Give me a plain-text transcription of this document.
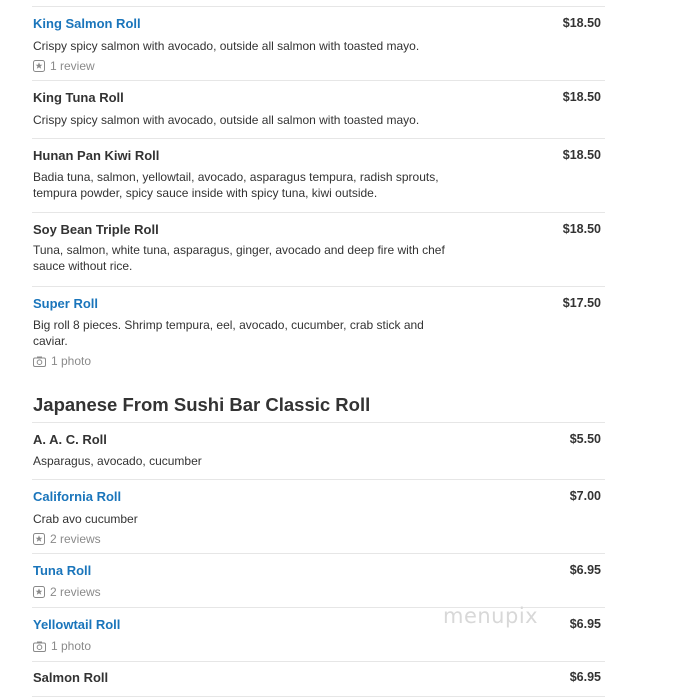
King Salmon Roll	$18.50
Crispy spicy salmon with avocado, outside all salmon with toasted mayo.
1 review
King Tuna Roll	$18.50
Crispy spicy salmon with avocado, outside all salmon with toasted mayo.
Hunan Pan Kiwi Roll	$18.50
Badia tuna, salmon, yellowtail, avocado, asparagus tempura, radish sprouts,
tempura powder, spicy sauce inside with spicy tuna, kiwi outside.
Soy Bean Triple Roll	$18.50
Tuna, salmon, white tuna, asparagus, ginger, avocado and deep fire with chef
sauce without rice.
Super Roll	$17.50
Big roll 8 pieces. Shrimp tempura, eel, avocado, cucumber, crab stick and
caviar.
1 photo
Japanese From Sushi Bar Classic Roll
A. A. C. Roll	$5.50
Asparagus, avocado, cucumber
California Roll	$7.00
Crab avo cucumber
2 reviews
Tuna Roll	$6.95
2 reviews
menupix
Yellowtail Roll	$6.95
1 photo
Salmon Roll	$6.95
